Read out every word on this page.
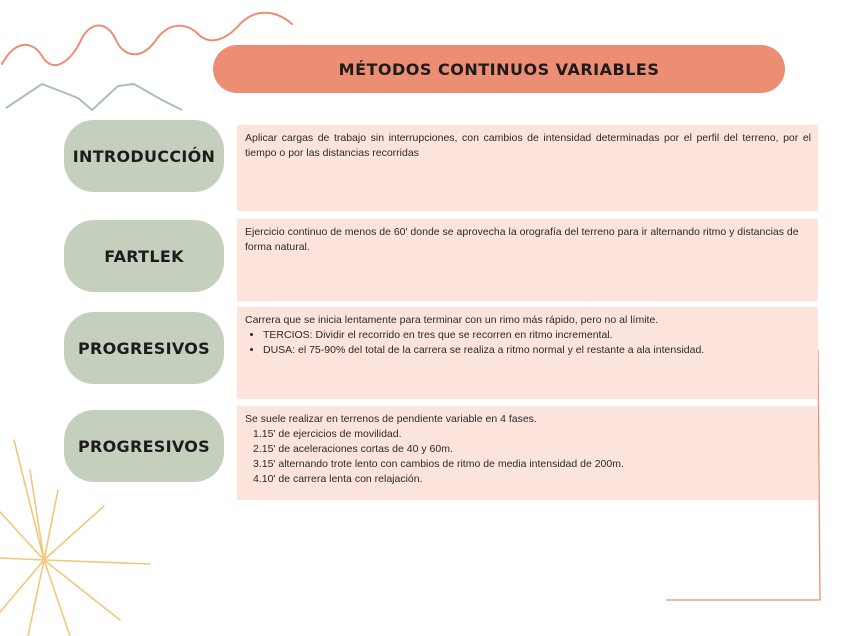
MÉTODOS CONTINUOS VARIABLES
INTRODUCCIÓN
Aplicar cargas de trabajo sin interrupciones, con cambios de intensidad determinadas por el perfil del terreno, por el tiempo o por las distancias recorridas
FARTLEK
Ejercicio continuo de menos de 60' donde se aprovecha la orografía del terreno para ir alternando ritmo y distancias de forma natural.
PROGRESIVOS
Carrera que se inicia lentamente para terminar con un rimo más rápido, pero no al límite.
• TERCIOS: Dividir el recorrido en tres que se recorren en ritmo incremental.
• DUSA: el 75-90% del total de la carrera se realiza a ritmo normal y el restante a ala intensidad.
PROGRESIVOS
Se suele realizar en terrenos de pendiente variable en 4 fases.
1.15' de ejercicios de movilidad.
2.15' de aceleraciones cortas de 40 y 60m.
3.15' alternando trote lento con cambios de ritmo de media intensidad de 200m.
4.10' de carrera lenta con relajación.
